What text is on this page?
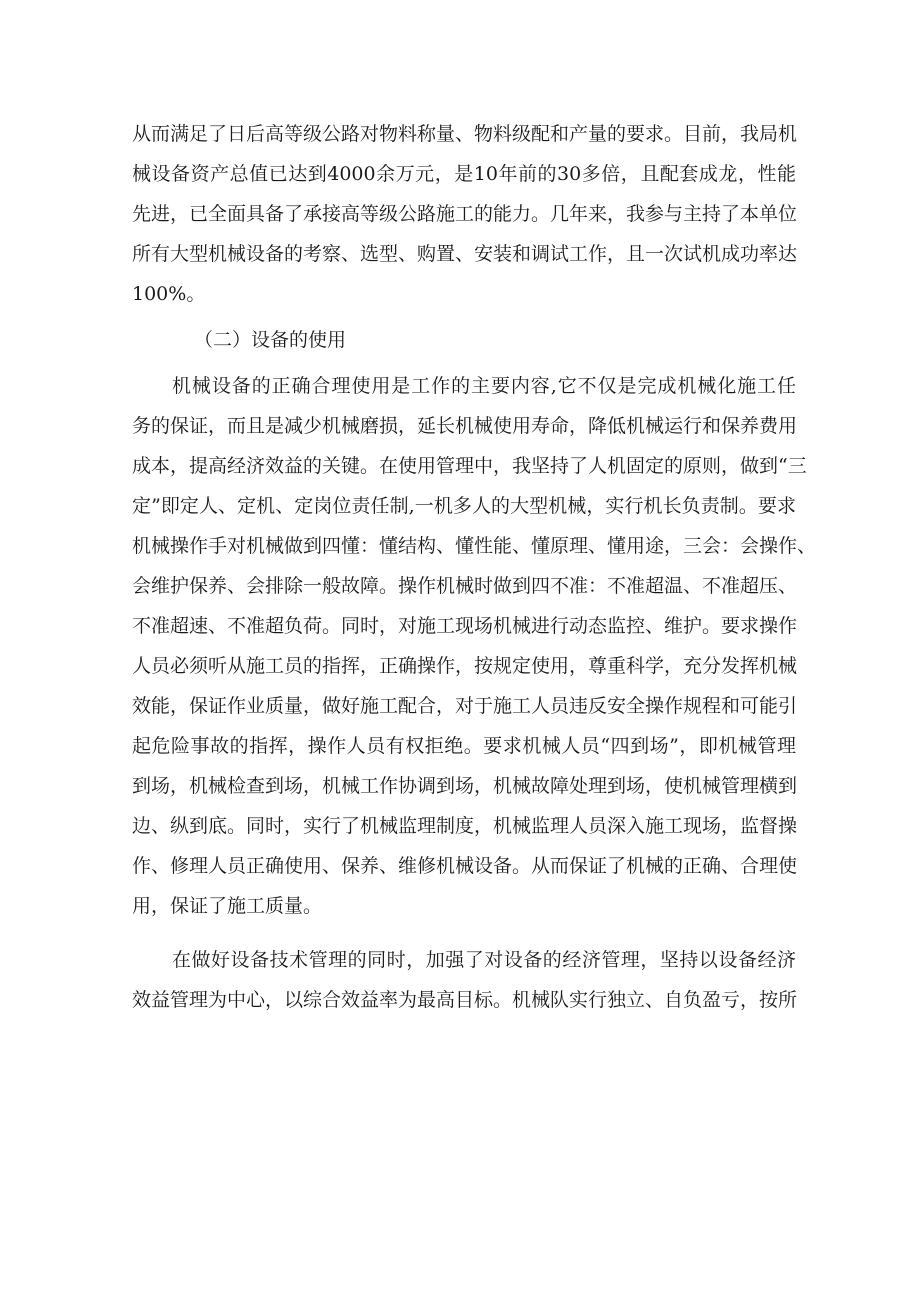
从而满足了日后高等级公路对物料称量、物料级配和产量的要求。目前，我局机
械设备资产总值已达到4000余万元，是10年前的30多倍，且配套成龙，性能
先进，已全面具备了承接高等级公路施工的能力。几年来，我参与主持了本单位
所有大型机械设备的考察、选型、购置、安装和调试工作，且一次试机成功率达
100%。
（二）设备的使用
机械设备的正确合理使用是工作的主要内容,它不仅是完成机械化施工任
务的保证，而且是减少机械磨损，延长机械使用寿命，降低机械运行和保养费用
成本，提高经济效益的关键。在使用管理中，我坚持了人机固定的原则，做到“三
定”即定人、定机、定岗位责任制,一机多人的大型机械，实行机长负责制。要求
机械操作手对机械做到四懂：懂结构、懂性能、懂原理、懂用途，三会：会操作、
会维护保养、会排除一般故障。操作机械时做到四不准：不准超温、不准超压、
不准超速、不准超负荷。同时，对施工现场机械进行动态监控、维护。要求操作
人员必须听从施工员的指挥，正确操作，按规定使用，尊重科学，充分发挥机械
效能，保证作业质量，做好施工配合，对于施工人员违反安全操作规程和可能引
起危险事故的指挥，操作人员有权拒绝。要求机械人员“四到场”，即机械管理
到场，机械检查到场，机械工作协调到场，机械故障处理到场，使机械管理横到
边、纵到底。同时，实行了机械监理制度，机械监理人员深入施工现场，监督操
作、修理人员正确使用、保养、维修机械设备。从而保证了机械的正确、合理使
用，保证了施工质量。
在做好设备技术管理的同时，加强了对设备的经济管理，坚持以设备经济
效益管理为中心，以综合效益率为最高目标。机械队实行独立、自负盈亏，按所
